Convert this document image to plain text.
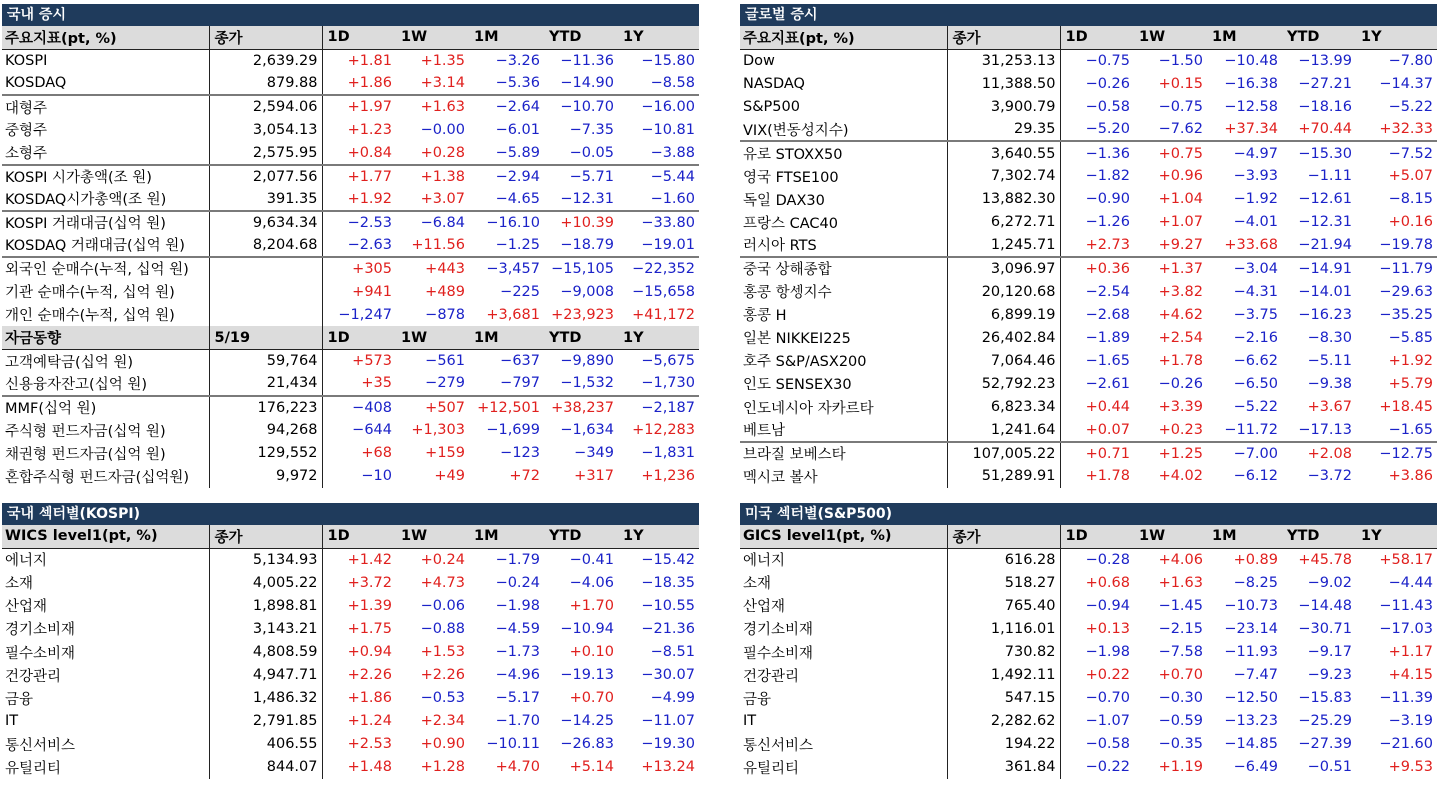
국내 증시
주요지표(pt, %)	종가	1D	1W	1M	YTD	1Y
KOSPI	2,639.29	+1.81	+1.35	−3.26	−11.36	−15.80
KOSDAQ	879.88	+1.86	+3.14	−5.36	−14.90	−8.58
대형주	2,594.06	+1.97	+1.63	−2.64	−10.70	−16.00
중형주	3,054.13	+1.23	−0.00	−6.01	−7.35	−10.81
소형주	2,575.95	+0.84	+0.28	−5.89	−0.05	−3.88
KOSPI 시가총액(조 원)	2,077.56	+1.77	+1.38	−2.94	−5.71	−5.44
KOSDAQ시가총액(조 원)	391.35	+1.92	+3.07	−4.65	−12.31	−1.60
KOSPI 거래대금(십억 원)	9,634.34	−2.53	−6.84	−16.10	+10.39	−33.80
KOSDAQ 거래대금(십억 원)	8,204.68	−2.63	+11.56	−1.25	−18.79	−19.01
외국인 순매수(누적, 십억 원)		+305	+443	−3,457	−15,105	−22,352
기관 순매수(누적, 십억 원)		+941	+489	−225	−9,008	−15,658
개인 순매수(누적, 십억 원)		−1,247	−878	+3,681	+23,923	+41,172
자금동향	5/19	1D	1W	1M	YTD	1Y
고객예탁금(십억 원)	59,764	+573	−561	−637	−9,890	−5,675
신용융자잔고(십억 원)	21,434	+35	−279	−797	−1,532	−1,730
MMF(십억 원)	176,223	−408	+507	+12,501	+38,237	−2,187
주식형 펀드자금(십억 원)	94,268	−644	+1,303	−1,699	−1,634	+12,283
채권형 펀드자금(십억 원)	129,552	+68	+159	−123	−349	−1,831
혼합주식형 펀드자금(십억원)	9,972	−10	+49	+72	+317	+1,236
글로벌 증시
주요지표(pt, %)	종가	1D	1W	1M	YTD	1Y
Dow	31,253.13	−0.75	−1.50	−10.48	−13.99	−7.80
NASDAQ	11,388.50	−0.26	+0.15	−16.38	−27.21	−14.37
S&P500	3,900.79	−0.58	−0.75	−12.58	−18.16	−5.22
VIX(변동성지수)	29.35	−5.20	−7.62	+37.34	+70.44	+32.33
유로 STOXX50	3,640.55	−1.36	+0.75	−4.97	−15.30	−7.52
영국 FTSE100	7,302.74	−1.82	+0.96	−3.93	−1.11	+5.07
독일 DAX30	13,882.30	−0.90	+1.04	−1.92	−12.61	−8.15
프랑스 CAC40	6,272.71	−1.26	+1.07	−4.01	−12.31	+0.16
러시아 RTS	1,245.71	+2.73	+9.27	+33.68	−21.94	−19.78
중국 상해종합	3,096.97	+0.36	+1.37	−3.04	−14.91	−11.79
홍콩 항셍지수	20,120.68	−2.54	+3.82	−4.31	−14.01	−29.63
홍콩 H	6,899.19	−2.68	+4.62	−3.75	−16.23	−35.25
일본 NIKKEI225	26,402.84	−1.89	+2.54	−2.16	−8.30	−5.85
호주 S&P/ASX200	7,064.46	−1.65	+1.78	−6.62	−5.11	+1.92
인도 SENSEX30	52,792.23	−2.61	−0.26	−6.50	−9.38	+5.79
인도네시아 자카르타	6,823.34	+0.44	+3.39	−5.22	+3.67	+18.45
베트남	1,241.64	+0.07	+0.23	−11.72	−17.13	−1.65
브라질 보베스타	107,005.22	+0.71	+1.25	−7.00	+2.08	−12.75
멕시코 볼사	51,289.91	+1.78	+4.02	−6.12	−3.72	+3.86
국내 섹터별(KOSPI)
WICS level1(pt, %)	종가	1D	1W	1M	YTD	1Y
에너지	5,134.93	+1.42	+0.24	−1.79	−0.41	−15.42
소재	4,005.22	+3.72	+4.73	−0.24	−4.06	−18.35
산업재	1,898.81	+1.39	−0.06	−1.98	+1.70	−10.55
경기소비재	3,143.21	+1.75	−0.88	−4.59	−10.94	−21.36
필수소비재	4,808.59	+0.94	+1.53	−1.73	+0.10	−8.51
건강관리	4,947.71	+2.26	+2.26	−4.96	−19.13	−30.07
금융	1,486.32	+1.86	−0.53	−5.17	+0.70	−4.99
IT	2,791.85	+1.24	+2.34	−1.70	−14.25	−11.07
통신서비스	406.55	+2.53	+0.90	−10.11	−26.83	−19.30
유틸리티	844.07	+1.48	+1.28	+4.70	+5.14	+13.24
미국 섹터별(S&P500)
GICS level1(pt, %)	종가	1D	1W	1M	YTD	1Y
에너지	616.28	−0.28	+4.06	+0.89	+45.78	+58.17
소재	518.27	+0.68	+1.63	−8.25	−9.02	−4.44
산업재	765.40	−0.94	−1.45	−10.73	−14.48	−11.43
경기소비재	1,116.01	+0.13	−2.15	−23.14	−30.71	−17.03
필수소비재	730.82	−1.98	−7.58	−11.93	−9.17	+1.17
건강관리	1,492.11	+0.22	+0.70	−7.47	−9.23	+4.15
금융	547.15	−0.70	−0.30	−12.50	−15.83	−11.39
IT	2,282.62	−1.07	−0.59	−13.23	−25.29	−3.19
통신서비스	194.22	−0.58	−0.35	−14.85	−27.39	−21.60
유틸리티	361.84	−0.22	+1.19	−6.49	−0.51	+9.53
